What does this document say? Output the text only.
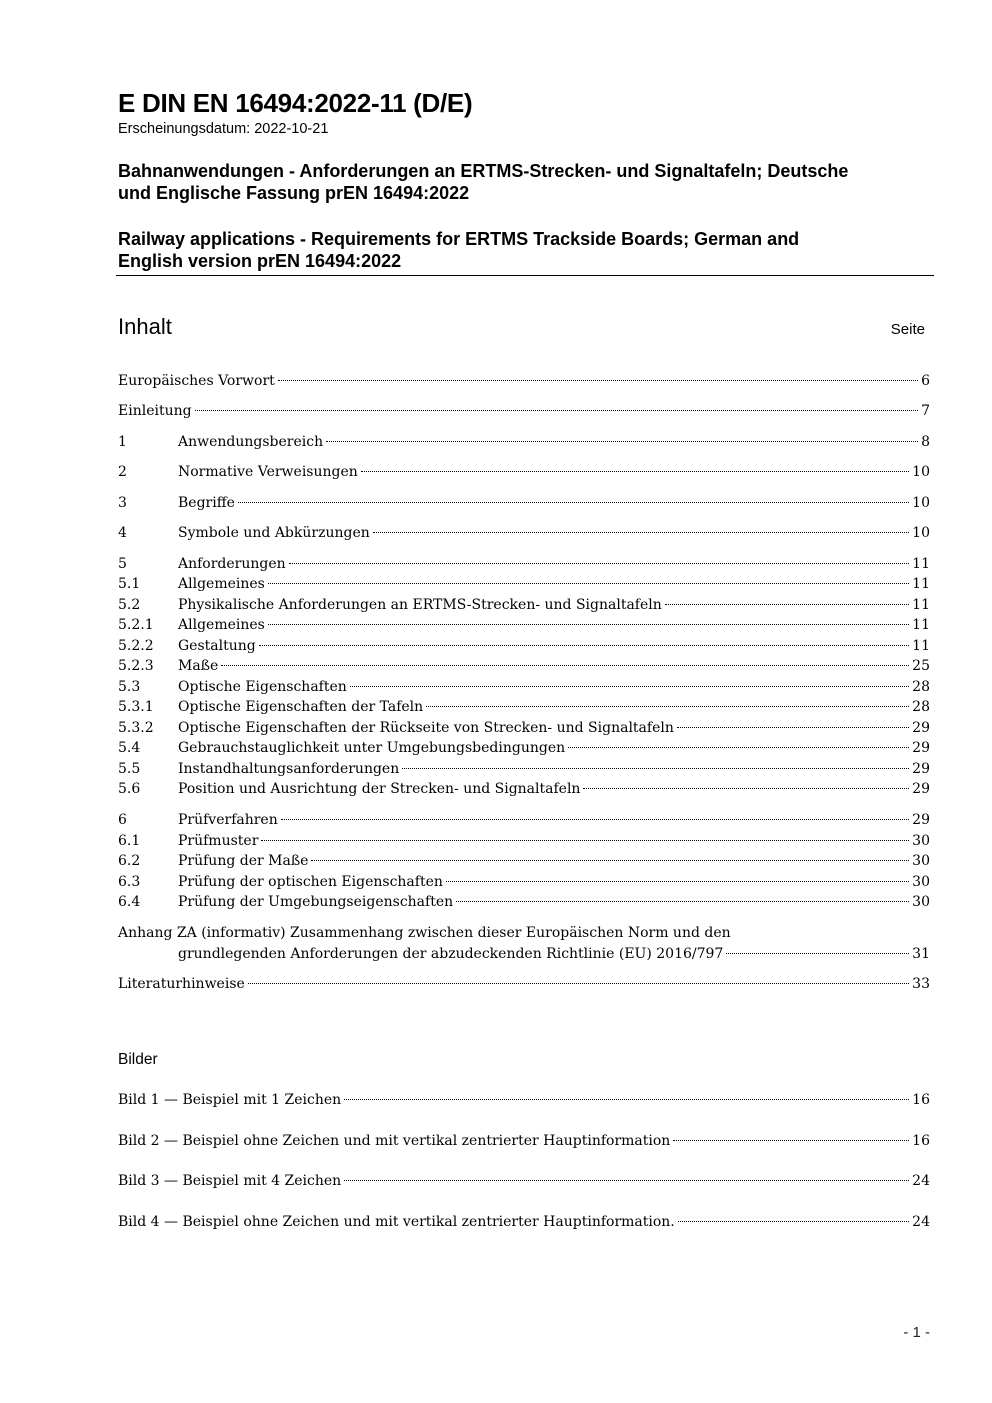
E DIN EN 16494:2022-11 (D/E)
Erscheinungsdatum: 2022-10-21
Bahnanwendungen - Anforderungen an ERTMS-Strecken- und Signaltafeln; Deutsche
und Englische Fassung prEN 16494:2022
Railway applications - Requirements for ERTMS Trackside Boards; German and
English version prEN 16494:2022
Inhalt	Seite
Europäisches Vorwort	6
Einleitung	7
1	Anwendungsbereich	8
2	Normative Verweisungen	10
3	Begriffe	10
4	Symbole und Abkürzungen	10
5	Anforderungen	11
5.1	Allgemeines	11
5.2	Physikalische Anforderungen an ERTMS-Strecken- und Signaltafeln	11
5.2.1	Allgemeines	11
5.2.2	Gestaltung	11
5.2.3	Maße	25
5.3	Optische Eigenschaften	28
5.3.1	Optische Eigenschaften der Tafeln	28
5.3.2	Optische Eigenschaften der Rückseite von Strecken- und Signaltafeln	29
5.4	Gebrauchstauglichkeit unter Umgebungsbedingungen	29
5.5	Instandhaltungsanforderungen	29
5.6	Position und Ausrichtung der Strecken- und Signaltafeln	29
6	Prüfverfahren	29
6.1	Prüfmuster	30
6.2	Prüfung der Maße	30
6.3	Prüfung der optischen Eigenschaften	30
6.4	Prüfung der Umgebungseigenschaften	30
Anhang ZA (informativ) Zusammenhang zwischen dieser Europäischen Norm und den
grundlegenden Anforderungen der abzudeckenden Richtlinie (EU) 2016/797	31
Literaturhinweise	33
Bild 1 — Beispiel mit 1 Zeichen	16
Bild 2 — Beispiel ohne Zeichen und mit vertikal zentrierter Hauptinformation	16
Bild 3 — Beispiel mit 4 Zeichen	24
Bild 4 — Beispiel ohne Zeichen und mit vertikal zentrierter Hauptinformation.	24
Bilder
- 1 -
